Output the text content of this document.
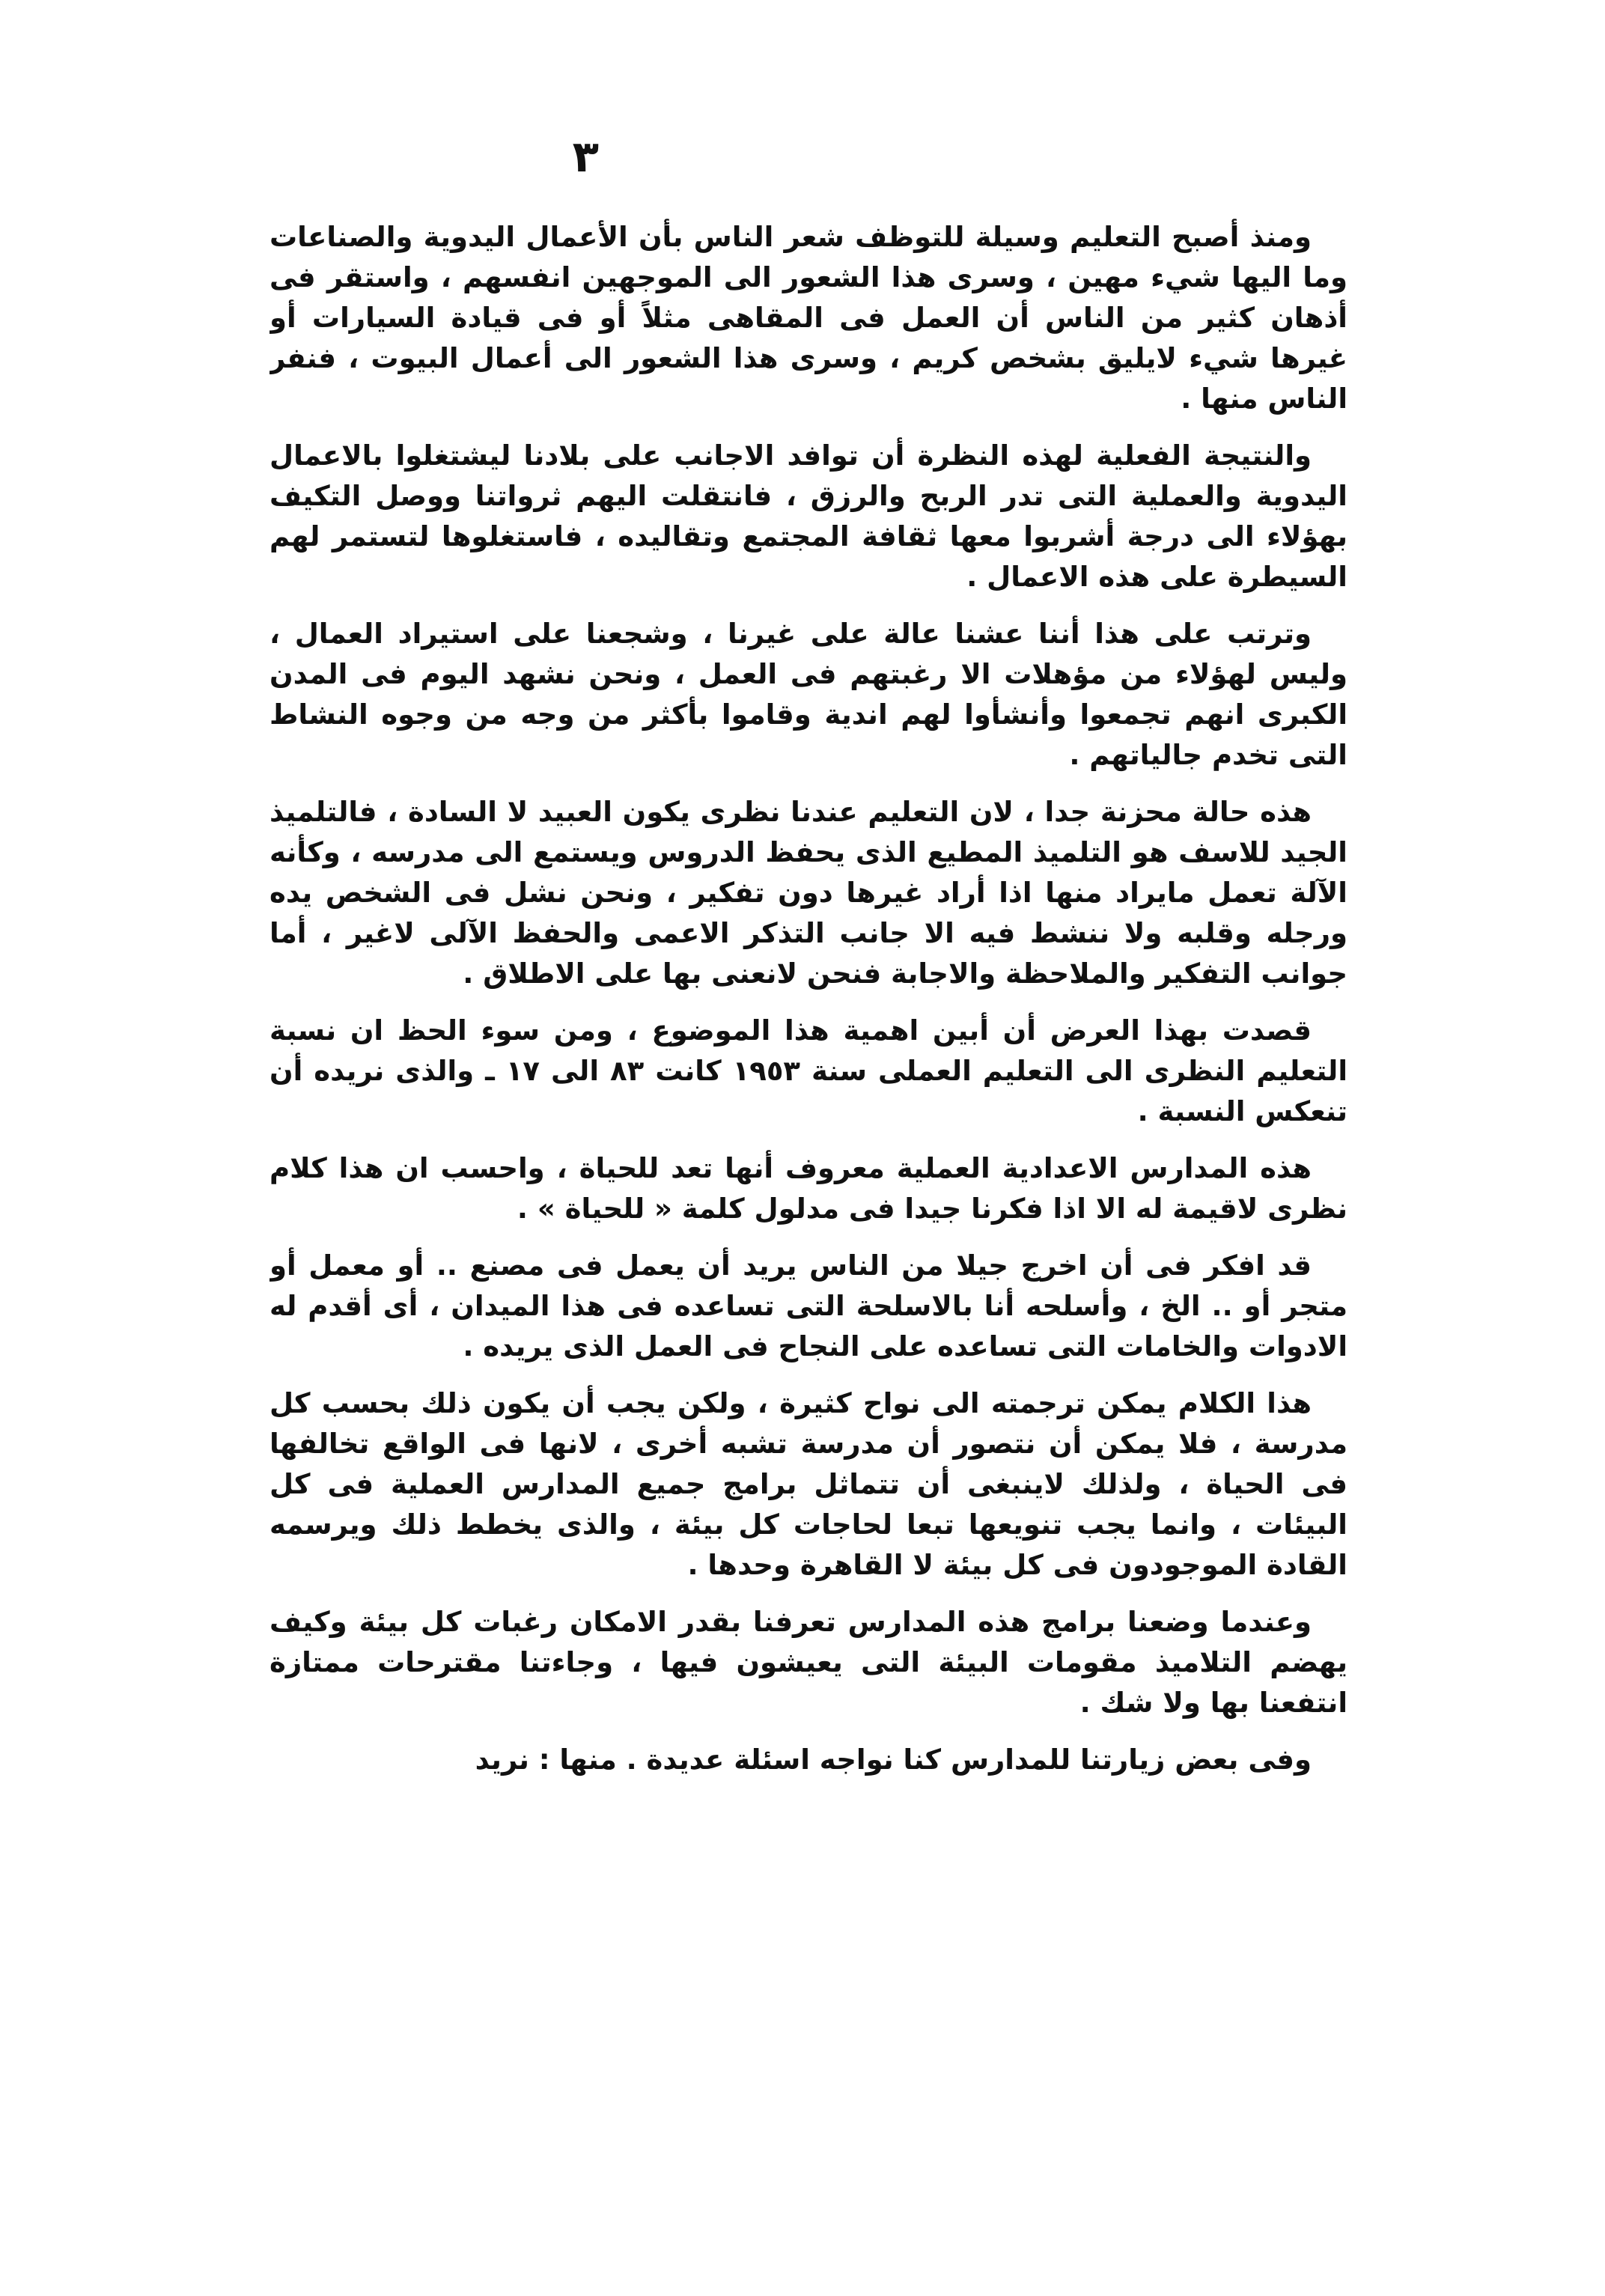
٣

ومنذ أصبح التعليم وسيلة للتوظف شعر الناس بأن الأعمال اليدوية والصناعات وما اليها شيء مهين ، وسرى هذا الشعور الى الموجهين انفسهم ، واستقر فى أذهان كثير من الناس أن العمل فى المقاهى مثلاً أو فى قيادة السيارات أو غيرها شيء لايليق بشخص كريم ، وسرى هذا الشعور الى أعمال البيوت ، فنفر الناس منها .

والنتيجة الفعلية لهذه النظرة أن توافد الاجانب على بلادنا ليشتغلوا بالاعمال اليدوية والعملية التى تدر الربح والرزق ، فانتقلت اليهم ثرواتنا ووصل التكيف بهؤلاء الى درجة أشربوا معها ثقافة المجتمع وتقاليده ، فاستغلوها لتستمر لهم السيطرة على هذه الاعمال .

وترتب على هذا أننا عشنا عالة على غيرنا ، وشجعنا على استيراد العمال ، وليس لهؤلاء من مؤهلات الا رغبتهم فى العمل ، ونحن نشهد اليوم فى المدن الكبرى انهم تجمعوا وأنشأوا لهم اندية وقاموا بأكثر من وجه من وجوه النشاط التى تخدم جالياتهم .

هذه حالة محزنة جدا ، لان التعليم عندنا نظرى يكون العبيد لا السادة ، فالتلميذ الجيد للاسف هو التلميذ المطيع الذى يحفظ الدروس ويستمع الى مدرسه ، وكأنه الآلة تعمل مايراد منها اذا أراد غيرها دون تفكير ، ونحن نشل فى الشخص يده ورجله وقلبه ولا ننشط فيه الا جانب التذكر الاعمى والحفظ الآلى لاغير ، أما جوانب التفكير والملاحظة والاجابة فنحن لانعنى بها على الاطلاق .

قصدت بهذا العرض أن أبين اهمية هذا الموضوع ، ومن سوء الحظ ان نسبة التعليم النظرى الى التعليم العملى سنة ١٩٥٣ كانت ٨٣ الى ١٧ ـ والذى نريده أن تنعكس النسبة .

هذه المدارس الاعدادية العملية معروف أنها تعد للحياة ، واحسب ان هذا كلام نظرى لاقيمة له الا اذا فكرنا جيدا فى مدلول كلمة « للحياة » .

قد افكر فى أن اخرج جيلا من الناس يريد أن يعمل فى مصنع .. أو معمل أو متجر أو .. الخ ، وأسلحه أنا بالاسلحة التى تساعده فى هذا الميدان ، أى أقدم له الادوات والخامات التى تساعده على النجاح فى العمل الذى يريده .

هذا الكلام يمكن ترجمته الى نواح كثيرة ، ولكن يجب أن يكون ذلك بحسب كل مدرسة ، فلا يمكن أن نتصور أن مدرسة تشبه أخرى ، لانها فى الواقع تخالفها فى الحياة ، ولذلك لاينبغى أن تتماثل برامج جميع المدارس العملية فى كل البيئات ، وانما يجب تنويعها تبعا لحاجات كل بيئة ، والذى يخطط ذلك ويرسمه القادة الموجودون فى كل بيئة لا القاهرة وحدها .

وعندما وضعنا برامج هذه المدارس تعرفنا بقدر الامكان رغبات كل بيئة وكيف يهضم التلاميذ مقومات البيئة التى يعيشون فيها ، وجاءتنا مقترحات ممتازة انتفعنا بها ولا شك .

وفى بعض زيارتنا للمدارس كنا نواجه اسئلة عديدة . منها : نريد
